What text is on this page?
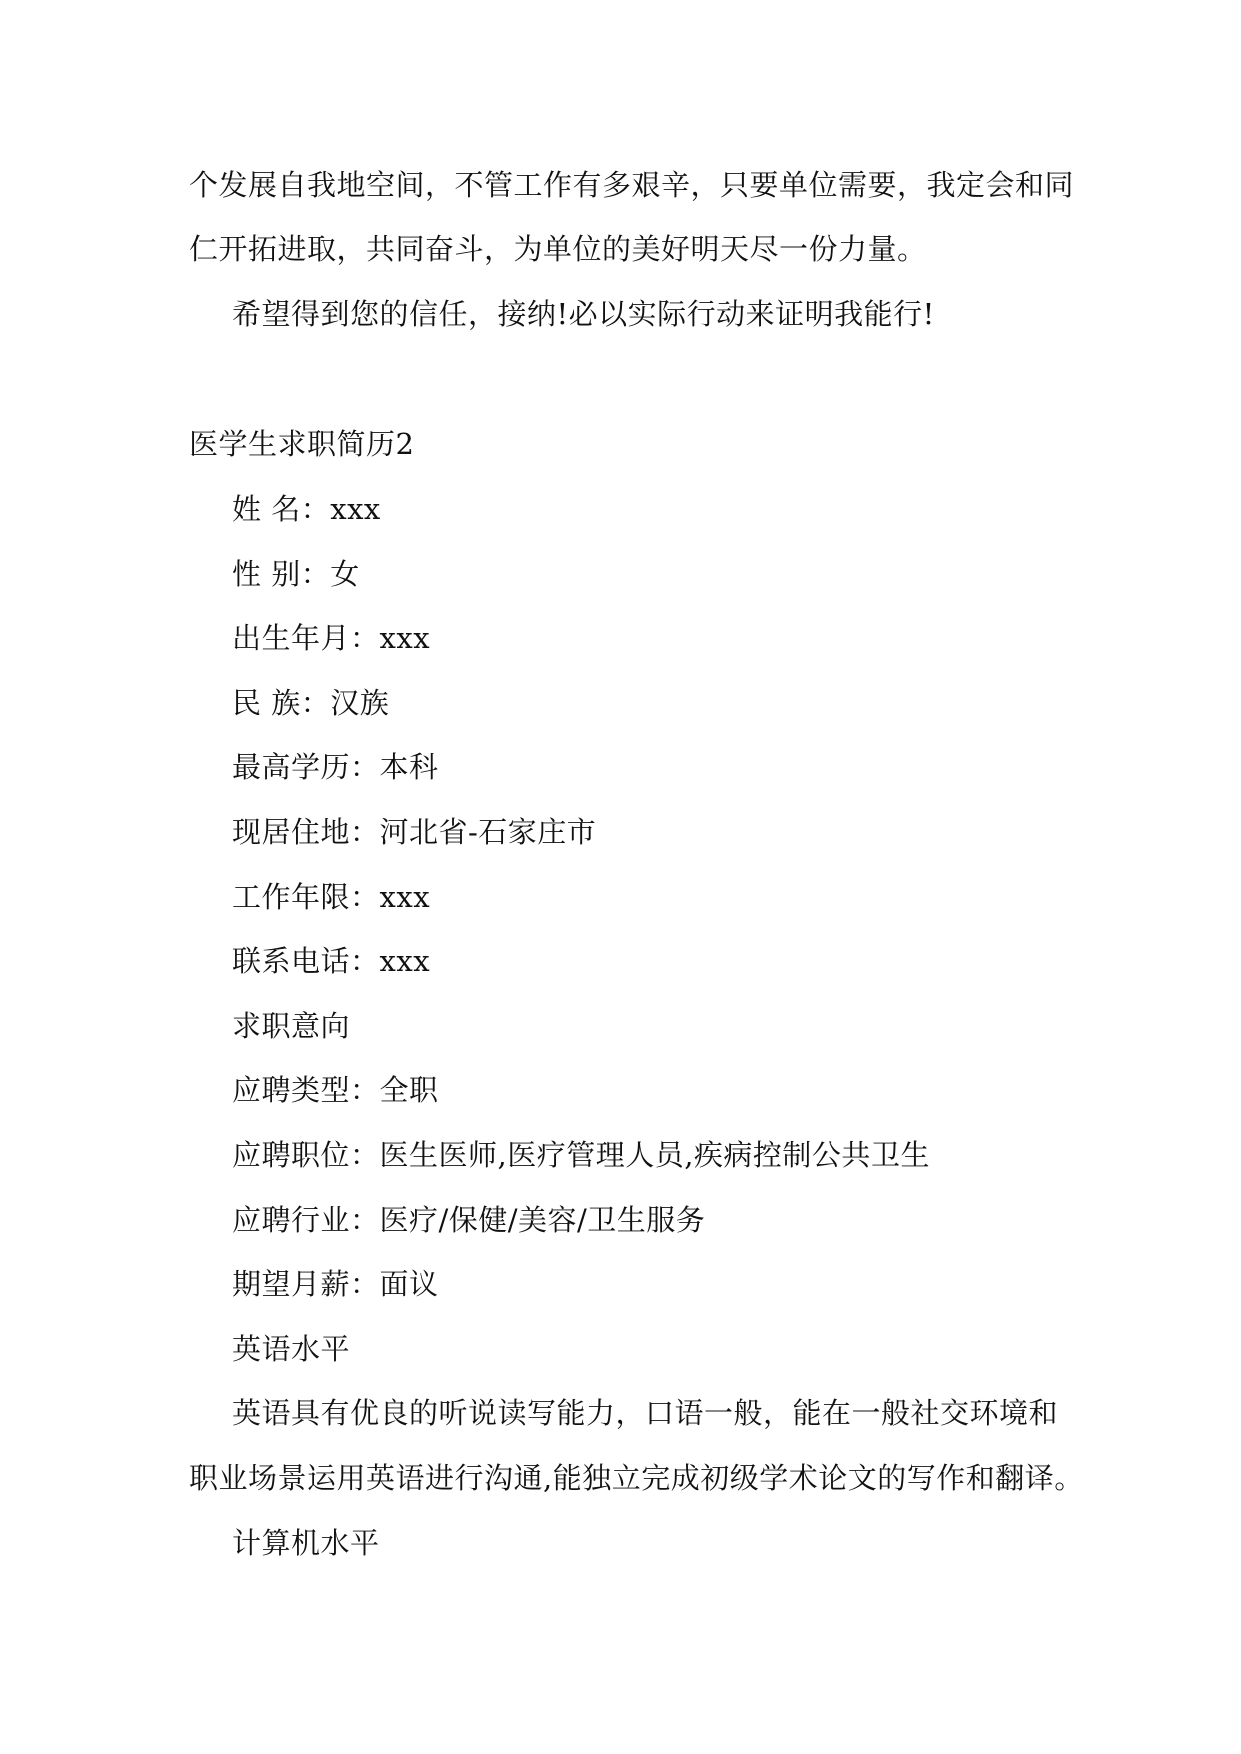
个发展自我地空间，不管工作有多艰辛，只要单位需要，我定会和同
仁开拓进取，共同奋斗，为单位的美好明天尽一份力量。
希望得到您的信任，接纳!必以实际行动来证明我能行!
医学生求职简历2
姓 名：xxx
性 别：女
出生年月：xxx
民 族：汉族
最高学历：本科
现居住地：河北省-石家庄市
工作年限：xxx
联系电话：xxx
求职意向
应聘类型：全职
应聘职位：医生医师,医疗管理人员,疾病控制公共卫生
应聘行业：医疗/保健/美容/卫生服务
期望月薪：面议
英语水平
英语具有优良的听说读写能力，口语一般，能在一般社交环境和
职业场景运用英语进行沟通,能独立完成初级学术论文的写作和翻译。
计算机水平
